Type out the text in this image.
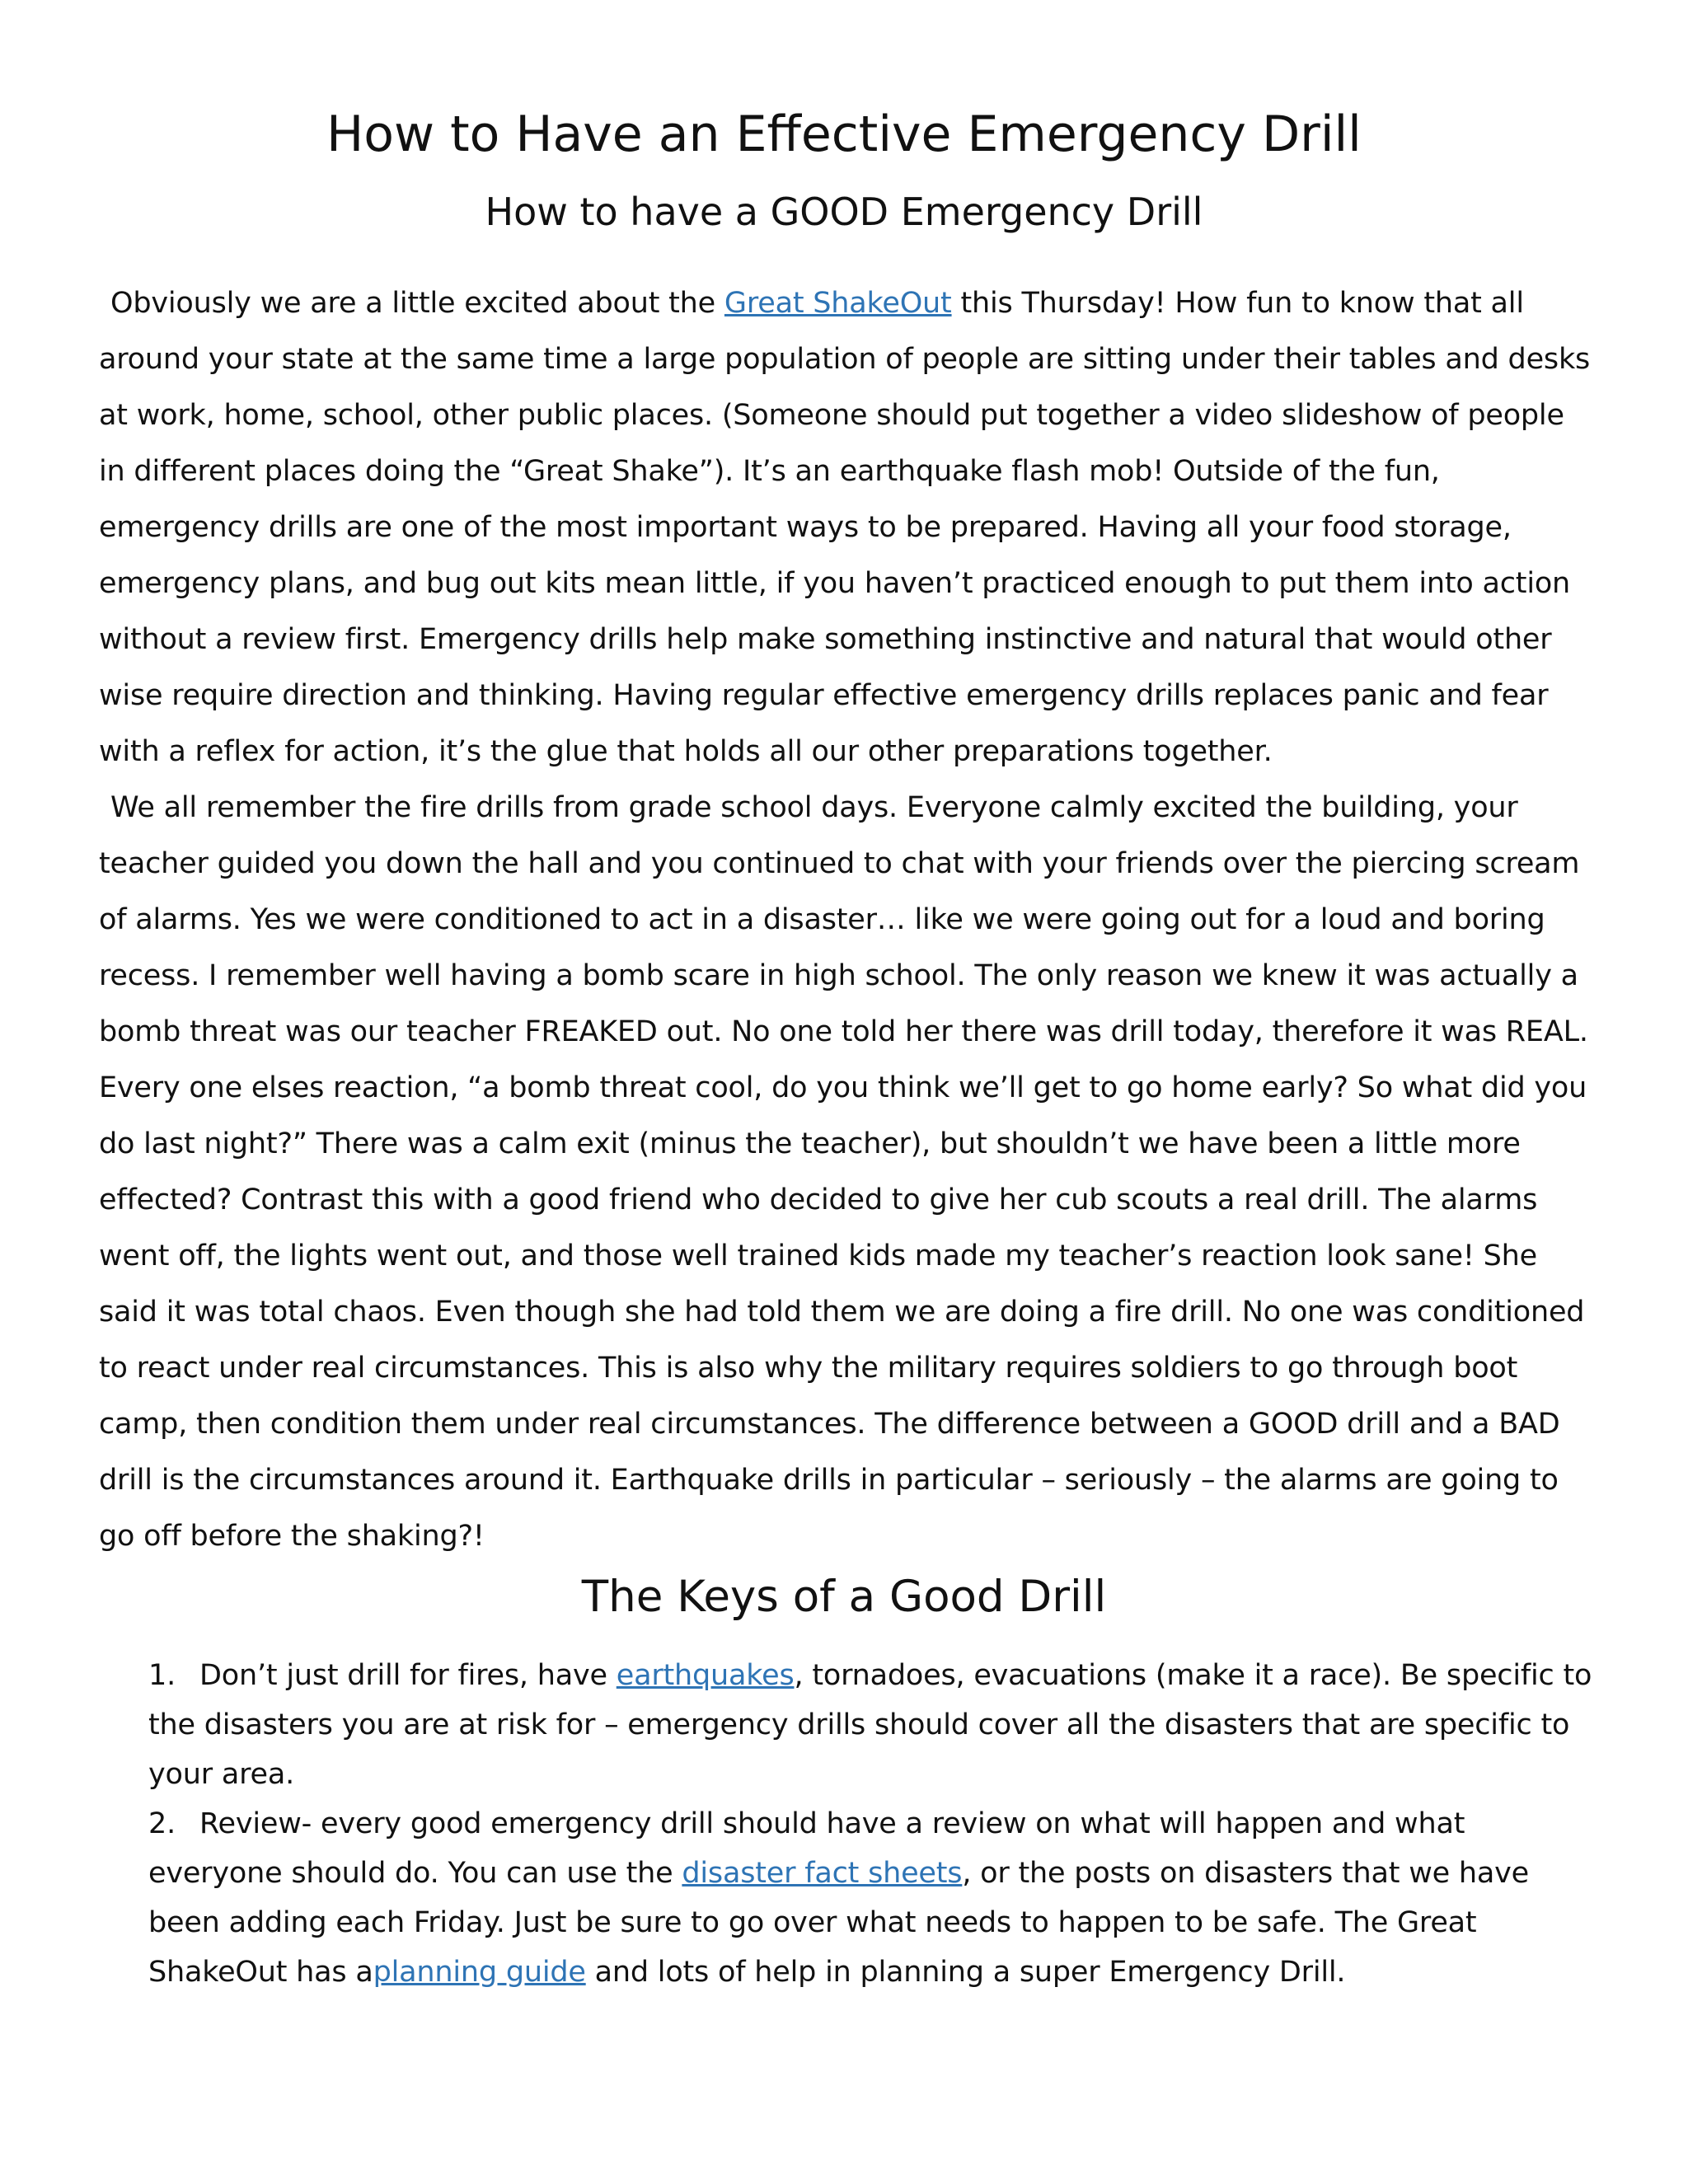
How to Have an Effective Emergency Drill
How to have a GOOD Emergency Drill

Obviously we are a little excited about the Great ShakeOut this Thursday! How fun to know that all around your state at the same time a large population of people are sitting under their tables and desks at work, home, school, other public places. (Someone should put together a video slideshow of people in different places doing the “Great Shake”). It’s an earthquake flash mob! Outside of the fun, emergency drills are one of the most important ways to be prepared. Having all your food storage, emergency plans, and bug out kits mean little, if you haven’t practiced enough to put them into action without a review first. Emergency drills help make something instinctive and natural that would other wise require direction and thinking. Having regular effective emergency drills replaces panic and fear with a reflex for action, it’s the glue that holds all our other preparations together.

We all remember the fire drills from grade school days. Everyone calmly excited the building, your teacher guided you down the hall and you continued to chat with your friends over the piercing scream of alarms. Yes we were conditioned to act in a disaster… like we were going out for a loud and boring recess. I remember well having a bomb scare in high school. The only reason we knew it was actually a bomb threat was our teacher FREAKED out. No one told her there was drill today, therefore it was REAL. Every one elses reaction, “a bomb threat cool, do you think we’ll get to go home early? So what did you do last night?” There was a calm exit (minus the teacher), but shouldn’t we have been a little more effected? Contrast this with a good friend who decided to give her cub scouts a real drill. The alarms went off, the lights went out, and those well trained kids made my teacher’s reaction look sane! She said it was total chaos. Even though she had told them we are doing a fire drill. No one was conditioned to react under real circumstances. This is also why the military requires soldiers to go through boot camp, then condition them under real circumstances. The difference between a GOOD drill and a BAD drill is the circumstances around it. Earthquake drills in particular – seriously – the alarms are going to go off before the shaking?!

The Keys of a Good Drill

1. Don’t just drill for fires, have earthquakes, tornadoes, evacuations (make it a race). Be specific to the disasters you are at risk for – emergency drills should cover all the disasters that are specific to your area.

2. Review- every good emergency drill should have a review on what will happen and what everyone should do. You can use the disaster fact sheets, or the posts on disasters that we have been adding each Friday. Just be sure to go over what needs to happen to be safe. The Great ShakeOut has aplanning guide and lots of help in planning a super Emergency Drill.
